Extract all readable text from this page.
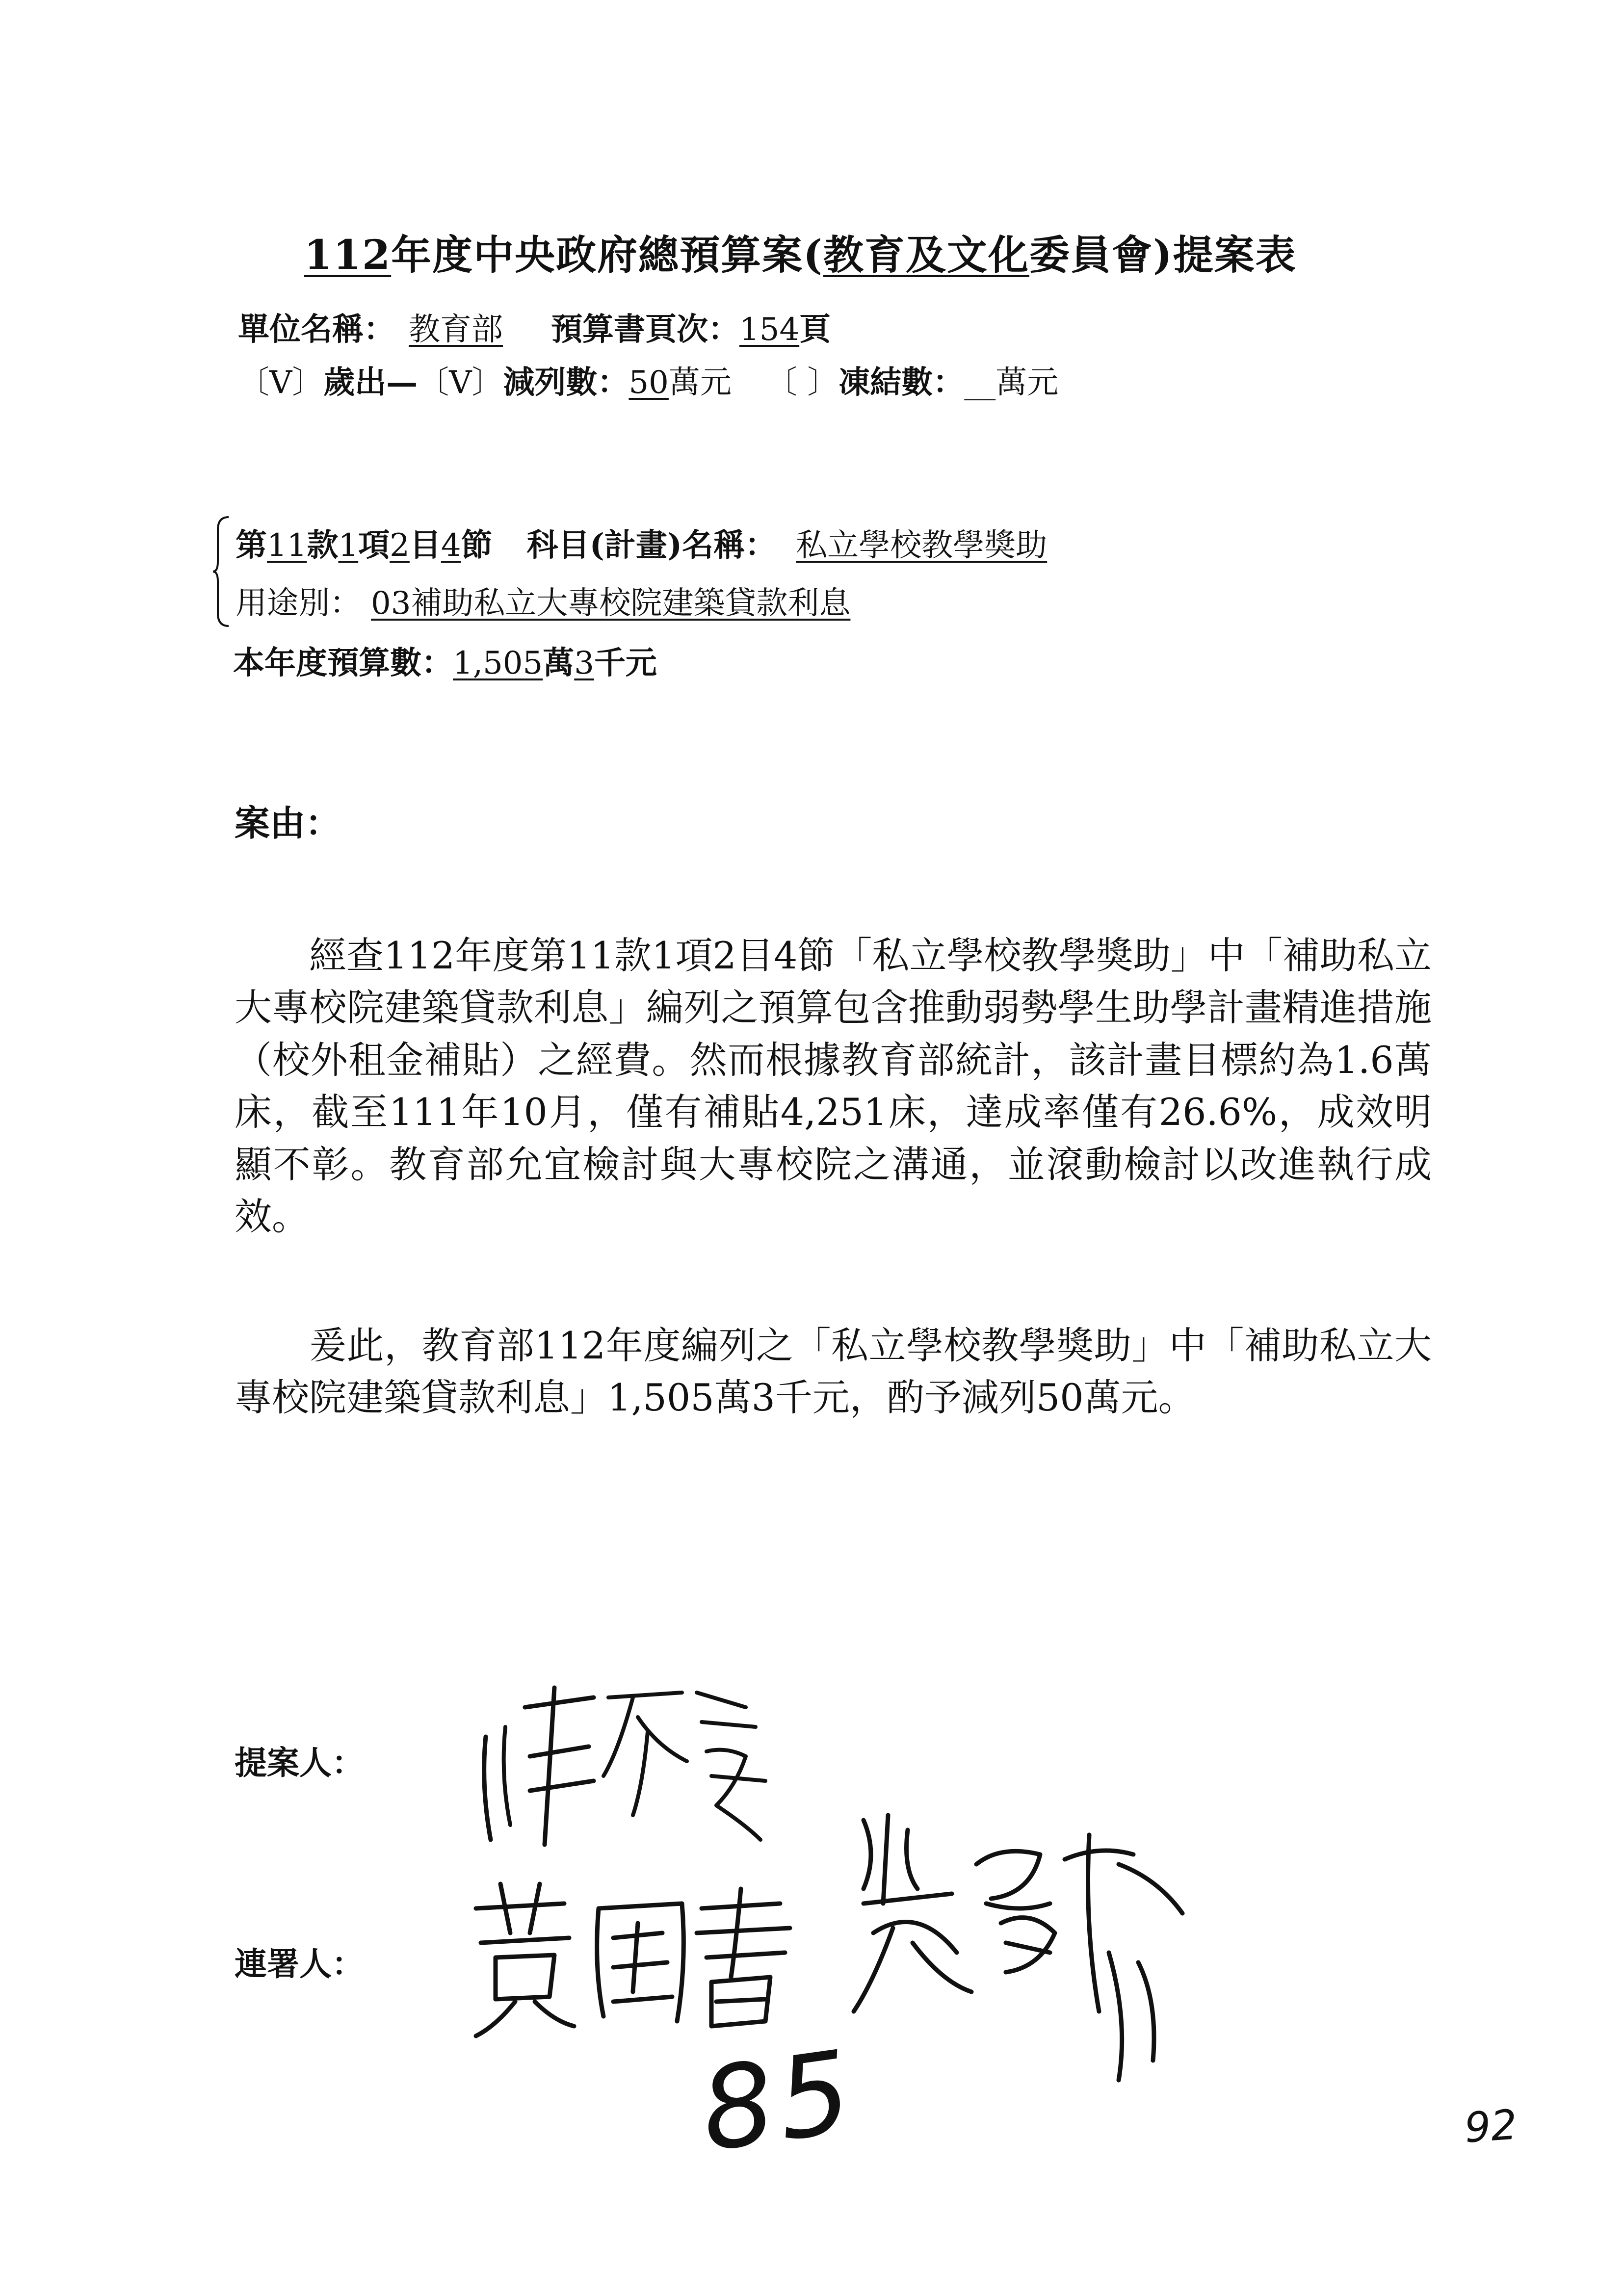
112年度中央政府總預算案(教育及文化委員會)提案表
單位名稱： 教育部 預算書頁次：154頁
〔V〕歲出—〔V〕減列數：50萬元 〔 〕凍結數：__萬元
第11款1項2目4節 科目(計畫)名稱： 私立學校教學獎助
用途別： 03補助私立大專校院建築貸款利息
本年度預算數：1,505萬3千元
案由：

經查112年度第11款1項2目4節「私立學校教學獎助」中「補助私立大專校院建築貸款利息」編列之預算包含推動弱勢學生助學計畫精進措施（校外租金補貼）之經費。然而根據教育部統計，該計畫目標約為1.6萬床，截至111年10月，僅有補貼4,251床，達成率僅有26.6%，成效明顯不彰。教育部允宜檢討與大專校院之溝通，並滾動檢討以改進執行成效。

爰此，教育部112年度編列之「私立學校教學獎助」中「補助私立大專校院建築貸款利息」1,505萬3千元，酌予減列50萬元。

提案人：
連署人：
85	92
